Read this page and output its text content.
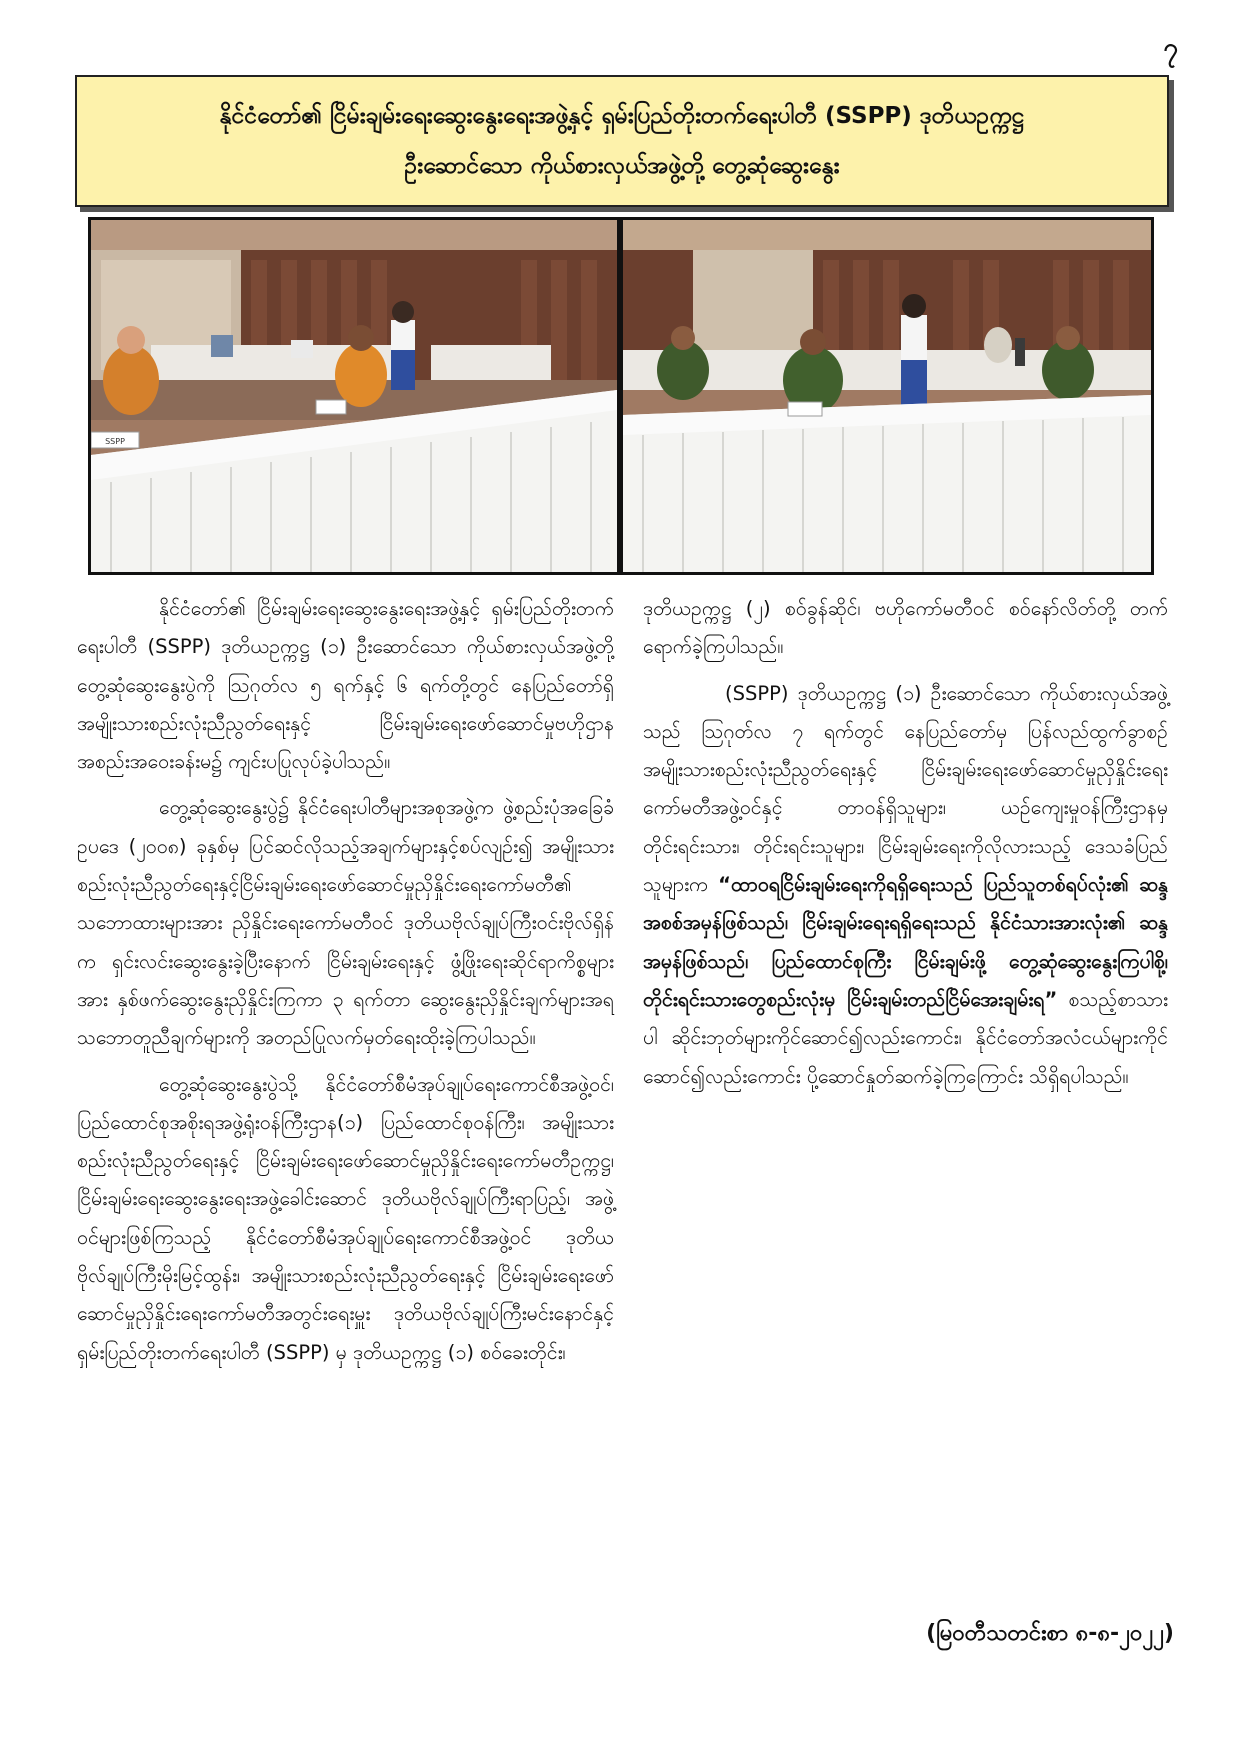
၇
နိုင်ငံတော်၏ ငြိမ်းချမ်းရေးဆွေးနွေးရေးအဖွဲ့နှင့် ရှမ်းပြည်တိုးတက်ရေးပါတီ (SSPP) ဒုတိယဥက္ကဋ္ဌ
ဦးဆောင်သော ကိုယ်စားလှယ်အဖွဲ့တို့ တွေ့ဆုံဆွေးနွေး
SSPP

နိုင်ငံတော်၏ ငြိမ်းချမ်းရေးဆွေးနွေးရေးအဖွဲ့နှင့် ရှမ်းပြည်တိုးတက်ရေးပါတီ (SSPP) ဒုတိယဥက္ကဋ္ဌ (၁) ဦးဆောင်သော ကိုယ်စားလှယ်အဖွဲ့တို့ တွေ့ဆုံဆွေးနွေးပွဲကို ဩဂုတ်လ ၅ ရက်နှင့် ၆ ရက်တို့တွင် နေပြည်တော်ရှိ အမျိုးသားစည်းလုံးညီညွတ်ရေးနှင့် ငြိမ်းချမ်းရေးဖော်ဆောင်မှုဗဟိုဌာန အစည်းအဝေးခန်းမ၌ ကျင်းပပြုလုပ်ခဲ့ပါသည်။

တွေ့ဆုံဆွေးနွေးပွဲ၌ နိုင်ငံရေးပါတီများအစုအဖွဲ့က ဖွဲ့စည်းပုံအခြေခံဥပဒေ (၂၀၀၈) ခုနှစ်မှ ပြင်ဆင်လိုသည့်အချက်များနှင့်စပ်လျဉ်း၍ အမျိုးသားစည်းလုံးညီညွတ်ရေးနှင့်ငြိမ်းချမ်းရေးဖော်ဆောင်မှုညှိနှိုင်းရေးကော်မတီ၏ သဘောထားများအား ညှိနှိုင်းရေးကော်မတီဝင် ဒုတိယဗိုလ်ချုပ်ကြီးဝင်းဗိုလ်ရှိန်က ရှင်းလင်းဆွေးနွေးခဲ့ပြီးနောက် ငြိမ်းချမ်းရေးနှင့် ဖွံ့ဖြိုးရေးဆိုင်ရာကိစ္စများအား နှစ်ဖက်ဆွေးနွေးညှိနှိုင်းကြကာ ၃ ရက်တာ ဆွေးနွေးညှိနှိုင်းချက်များအရ သဘောတူညီချက်များကို အတည်ပြုလက်မှတ်ရေးထိုးခဲ့ကြပါသည်။

တွေ့ဆုံဆွေးနွေးပွဲသို့ နိုင်ငံတော်စီမံအုပ်ချုပ်ရေးကောင်စီအဖွဲ့ဝင်၊ ပြည်ထောင်စုအစိုးရအဖွဲ့ရုံးဝန်ကြီးဌာန(၁) ပြည်ထောင်စုဝန်ကြီး၊ အမျိုးသားစည်းလုံးညီညွတ်ရေးနှင့် ငြိမ်းချမ်းရေးဖော်ဆောင်မှုညှိနှိုင်းရေးကော်မတီဥက္ကဋ္ဌ၊ ငြိမ်းချမ်းရေးဆွေးနွေးရေးအဖွဲ့ခေါင်းဆောင် ဒုတိယဗိုလ်ချုပ်ကြီးရာပြည့်၊ အဖွဲ့ဝင်များဖြစ်ကြသည့် နိုင်ငံတော်စီမံအုပ်ချုပ်ရေးကောင်စီအဖွဲ့ဝင် ဒုတိယဗိုလ်ချုပ်ကြီးမိုးမြင့်ထွန်း၊ အမျိုးသားစည်းလုံးညီညွတ်ရေးနှင့် ငြိမ်းချမ်းရေးဖော်ဆောင်မှုညှိနှိုင်းရေးကော်မတီအတွင်းရေးမှူး ဒုတိယဗိုလ်ချုပ်ကြီးမင်းနောင်နှင့် ရှမ်းပြည်တိုးတက်ရေးပါတီ (SSPP) မှ ဒုတိယဥက္ကဋ္ဌ (၁) စဝ်ခေးတိုင်း၊

ဒုတိယဥက္ကဋ္ဌ (၂) စဝ်ခွန်ဆိုင်၊ ဗဟိုကော်မတီဝင် စဝ်နော်လိတ်တို့ တက်ရောက်ခဲ့ကြပါသည်။

(SSPP) ဒုတိယဥက္ကဋ္ဌ (၁) ဦးဆောင်သော ကိုယ်စားလှယ်အဖွဲ့သည် ဩဂုတ်လ ၇ ရက်တွင် နေပြည်တော်မှ ပြန်လည်ထွက်ခွာစဉ် အမျိုးသားစည်းလုံးညီညွတ်ရေးနှင့် ငြိမ်းချမ်းရေးဖော်ဆောင်မှုညှိနှိုင်းရေးကော်မတီအဖွဲ့ဝင်နှင့် တာဝန်ရှိသူများ၊ ယဉ်ကျေးမှုဝန်ကြီးဌာနမှ တိုင်းရင်းသား၊ တိုင်းရင်းသူများ၊ ငြိမ်းချမ်းရေးကိုလိုလားသည့် ဒေသခံပြည်သူများက “ထာဝရငြိမ်းချမ်းရေးကိုရရှိရေးသည် ပြည်သူတစ်ရပ်လုံး၏ ဆန္ဒအစစ်အမှန်ဖြစ်သည်၊ ငြိမ်းချမ်းရေးရရှိရေးသည် နိုင်ငံသားအားလုံး၏ ဆန္ဒအမှန်ဖြစ်သည်၊ ပြည်ထောင်စုကြီး ငြိမ်းချမ်းဖို့ တွေ့ဆုံဆွေးနွေးကြပါစို့၊ တိုင်းရင်းသားတွေစည်းလုံးမှ ငြိမ်းချမ်းတည်ငြိမ်အေးချမ်းရ” စသည့်စာသားပါ ဆိုင်းဘုတ်များကိုင်ဆောင်၍လည်းကောင်း၊ နိုင်ငံတော်အလံငယ်များကိုင်ဆောင်၍လည်းကောင်း ပို့ဆောင်နှုတ်ဆက်ခဲ့ကြကြောင်း သိရှိရပါသည်။

(မြဝတီသတင်းစာ ၈-၈-၂၀၂၂)
